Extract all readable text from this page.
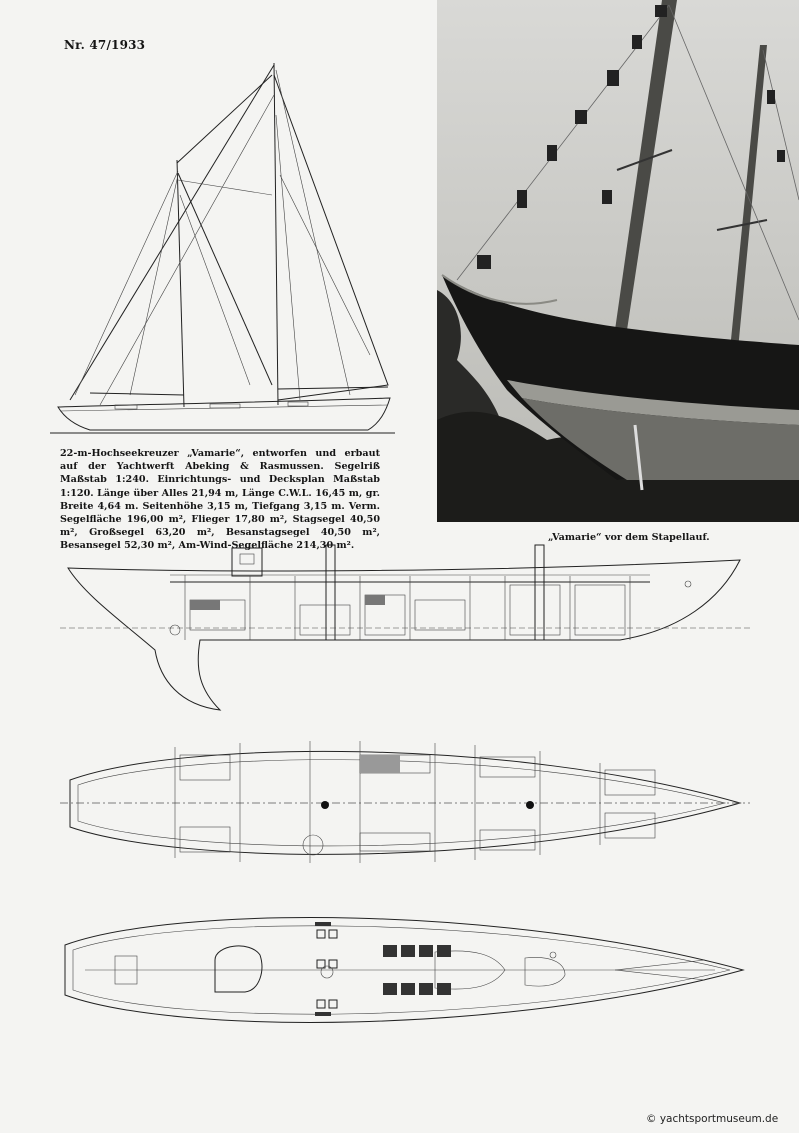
Nr. 47/1933
22-m-Hochseekreuzer „Vamarie“, entworfen und erbaut auf der Yachtwerft Abeking & Rasmussen. Segelriß Maßstab 1:240. Einrichtungs- und Decksplan Maßstab 1:120. Länge über Alles 21,94 m, Länge C.W.L. 16,45 m, gr. Breite 4,64 m. Seitenhöhe 3,15 m, Tiefgang 3,15 m. Verm. Segelfläche 196,00 m², Flieger 17,80 m², Stagsegel 40,50 m², Großsegel 63,20 m², Besanstagsegel 40,50 m², Besansegel 52,30 m², Am-Wind-Segelfläche 214,30 m².
„Vamarie“ vor dem Stapellauf.
© yachtsportmuseum.de
